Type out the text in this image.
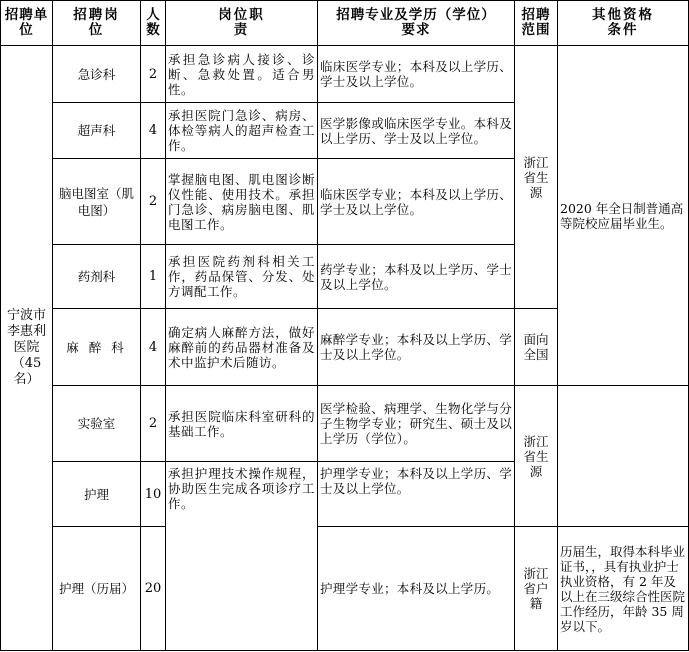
招聘单位	招聘岗位	人数	岗位职责	招聘专业及学历（学位）要求	招聘范围	其他资格条件
宁波市李惠利医院（45名）	急诊科	2	承担急诊病人接诊、诊断、急救处置。适合男性。	临床医学专业；本科及以上学历、学士及以上学位。	浙江省生源	2020 年全日制普通高等院校应届毕业生。
	超声科	4	承担医院门急诊、病房、体检等病人的超声检查工作。	医学影像或临床医学专业。本科及以上学历、学士及以上学位。		
	脑电图室（肌电图）	2	掌握脑电图、肌电图诊断仪性能、使用技术。承担门急诊、病房脑电图、肌电图工作。	临床医学专业；本科及以上学历、学士及以上学位。		
	药剂科	1	承担医院药剂科相关工作，药品保管、分发、处方调配工作。	药学专业；本科及以上学历、学士及以上学位。		
	麻 醉 科	4	确定病人麻醉方法，做好麻醉前的药品器材准备及术中监护术后随访。	麻醉学专业；本科及以上学历、学士及以上学位。	面向全国	
	实验室	2	承担医院临床科室研科的基础工作。	医学检验、病理学、生物化学与分子生物学专业；研究生、硕士及以上学历（学位）。	浙江省生源	
	护理	10	承担护理技术操作规程，协助医生完成各项诊疗工作。	护理学专业；本科及以上学历、学士及以上学位。		
	护理（历届）	20		护理学专业；本科及以上学历。	浙江省户籍	历届生，取得本科毕业证书，，具有执业护士执业资格，有 2 年及以上在三级综合性医院工作经历，年龄 35 周岁以下。
